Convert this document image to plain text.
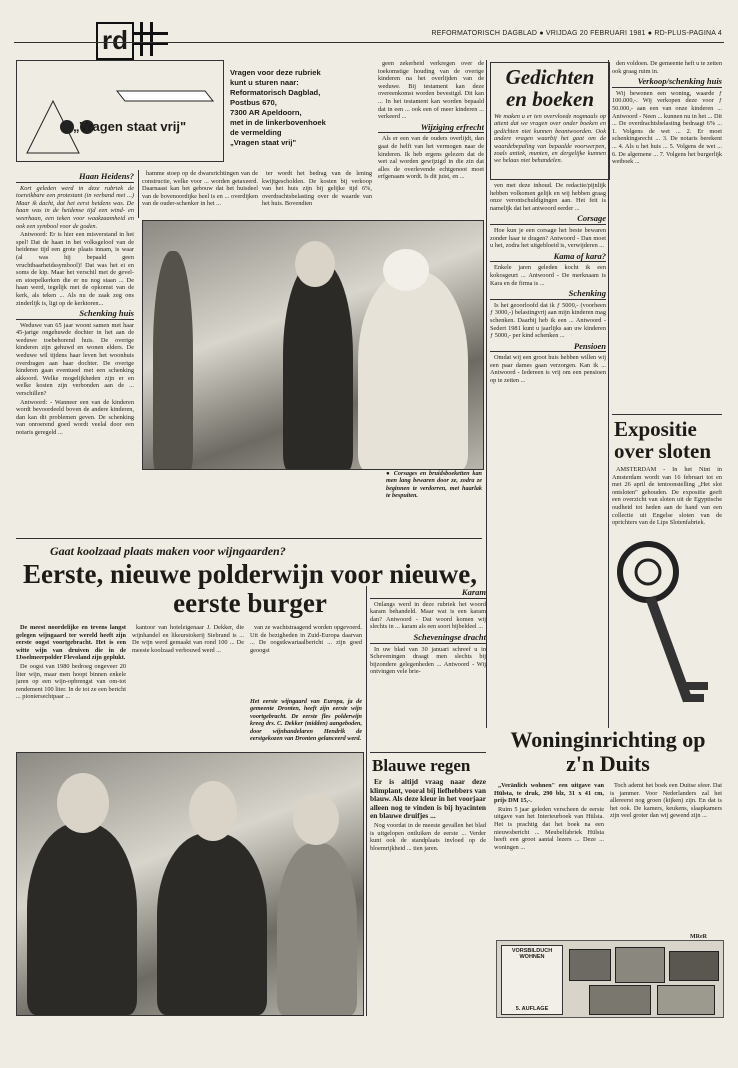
rd	REFORMATORISCH DAGBLAD ● VRIJDAG 20 FEBRUARI 1981 ● RD-PLUS-PAGINA 4
„Vragen staat vrij"
Vragen voor deze rubriek
kunt u sturen naar:
Reformatorisch Dagblad,
Postbus 670,
7300 AR Apeldoorn,
met in de linkerbovenhoek
de vermelding
„Vragen staat vrij"
Haan Heidens?

Kort geleden werd in deze rubriek de toereikbare een protestant (in verband met ...) Maar ik dacht, dat het eerst heidens was. De haan was in de heidense tijd een wind- en weerhaan, een teken voor waakzaamheid en ook een symbool voor de goden.

Antwoord: Er is hier een misverstand in het spel! Dat de haan in het volksgeloof van de heidense tijd een grote plaats innam, is waar (al was hij bepaald geen vruchtbaarheidssymbool)! Dat was het ei en soms de kip. Maar het verschil met de gevel- en stoepelkerken die er nu nog staan ... De haan werd, tegelijk met de opkomst van de kerk, als teken ... Als nu de zaak zeg ons zinderlijk is, ligt op de kerktoren...

Schenking huis

Weduwe van 65 jaar woont samen met haar 45-jarige ongehuwde dochter in het aan de weduwe toebehorend huis. De overige kinderen zijn gehuwd en wonen elders. De weduwe wil tijdens haar leven het woonhuis overdragen aan haar dochter. De overige kinderen gaan eventueel met een schenking akkoord. Welke mogelijkheden zijn er en welke kosten zijn verbonden aan de ... verschillen?

Antwoord: - Wanneer een van de kinderen wordt bevoordeeld boven de andere kinderen, dan kan dit problemen geven. De schenking van onroerend goed wordt veelal door een notaris geregeld ...

hamme stoep op de dwarsrichtingen van de constructie, welke voor ... worden getaxeerd. Daarnaast kan het gebouw dat het huisdeel van de bovenoordijke heel is en ... overdijken van de ouder-schenker in het ...

ter wordt het bedrag van de lening kwijtgescholden. De kosten bij verkoop van het huis zijn bij gelijke tijd 6%, overdrachtsbelasting over de waarde van het huis. Bovendien

● Corsages en bruidsboeketten kan men lang bewaren door ze, zodra ze beginnen te verdorren, met haarlak te bespuiten.

geen zekerheid verkregen over de toekomstige houding van de overige kinderen na het overlijden van de weduwe. Bij testament kan deze overeenkomst worden bevestigd. Dit kan ... In het testament kan worden bepaald dat in een ... ook een of meer kinderen ... verkeerd ...

Wijziging erfrecht

Als er een van de ouders overlijdt, dan gaat de helft van het vermogen naar de kinderen. Ik heb ergens gelezen dat de wet zal worden gewijzigd in die zin dat alles de overlevende echtgenoot moet erfgenaam wordt. Is dit juist, en ...

Gedichten en boeken
We maken u er ten overvloede nogmaals op attent dat we vragen over onder boeken en gedichten niet kunnen beantwoorden. Ook andere vragen waarbij het gaat om de waardebepaling van bepaalde voorwerpen, zoals antiek, munten, en dergelijke kunnen we helaas niet behandelen.

ven met deze inhoud. De redactie/pijnlijk hebben volkomen gelijk en wij hebben graag onze verontschuldigingen aan. Het feit is namelijk dat het antwoord eerder ...

Corsage

Hoe kun je een corsage het beste bewaren zonder haar te dragen? Antwoord - Dan moet u het, zodra het uitgebloeid is, verwijderen ...

Kama of kara?

Enkele jaren geleden kocht ik een kokosgeurt ... Antwoord - De merknaam is Kara en de firma is ...

Schenking

Is het geoorloofd dat ik ƒ 5000,- (voorheen ƒ 3000,-) belastingvrij aan mijn kinderen mag schenken. Daarbij heb ik een ... Antwoord - Sedert 1981 kunt u jaarlijks aan uw kinderen ƒ 5000,- per kind schenken ...

Pensioen

Omdat wij een groot huis hebben willen wij een paar dames gaan verzorgen. Kan ik ... Antwoord - Iedereen is vrij om een pensioen op te zetten ...

den voldoen. De gemeente heft u te zetten ook graag ruim in.

Verkoop/schenking huis

Wij bewonen een woning, waarde ƒ 100.000,-. Wij verkopen deze voor ƒ 50.000,- aan een van onze kinderen ... Antwoord - Neen ... kunnen nu in het ... Dit ... De overdrachtsbelasting bedraagt 6% ... 1. Volgens de wet ... 2. Er moet schenkingsrecht ... 3. De notaris berekent ... 4. Als u het huis ... 5. Volgens de wet ... 6. De algemene ... 7. Volgens het burgerlijk wetboek ...

Expositie over sloten

AMSTERDAM - In het Nint in Amsterdam wordt van 16 februari tot en met 26 april de tentoonstelling „Het slot ontsloten" gehouden. De expositie geeft een overzicht van sloten uit de Egyptische oudheid tot heden aan de hand van een collectie uit Engelse sloten van de oprichters van de Lips Slotenfabriek.

Gaat koolzaad plaats maken voor wijngaarden?
Eerste, nieuwe polderwijn voor nieuwe, eerste burger

De meest noordelijke en tevens langst gelegen wijngaard ter wereld heeft zijn eerste oogst voortgebracht. Het is een witte wijn van druiven die in de IJsselmeerpolder Flevoland zijn geplukt.

De oogst van 1980 bedroeg ongeveer 20 liter wijn, maar men hoopt binnen enkele jaren op een wijn-opbrengst van om-tot rendement 100 liter. In de tot ze een bericht ... pioniersechtpaar ...

kantoor van hoteleigenaar J. Dekker, die wijnhandel en likeurstokerij Siebrand is ... De wijn werd gemaakt van rond 100 ... De meeste koolzaad verbouwd werd ...

van ze wachtstraagend worden opgevoerd. Uit de bezigheden in Zuid-Europa daarvan ... De oogstkwartaalbericht ... zijn goed geoogst

Het eerste wijngaard van Europa, ja de gemeente Dronten, heeft zijn eerste wijn voortgebracht. De eerste fles polderwijn kreeg drs. C. Dekker (midden) aangeboden, door wijnhandelaren Hendrik de eerstgekozen van Dronten gelanceerd werd.
Karam

Onlangs werd in deze rubriek het woord karam behandeld. Maar wat is een karam dan? Antwoord - Dat woord komen wij slechts in ... karam als een soort bijbeldeel ...

Scheveningse dracht

In uw blad van 30 januari schreef u in Scheveningen draagt men slechts bij bijzondere gelegenheden ... Antwoord - Wij ontvingen vele brie-

Blauwe regen

Er is altijd vraag naar deze klimplant, vooral bij liefhebbers van blauw. Als deze kleur in het voorjaar alleen nog te vinden is bij hyacinten en blauwe druifjes ...

Nog voordat in de meeste gevallen het blad is uitgelopen ontluiken de eerste ... Verder kunt ook de standplaats invloed op de bloemrijkheid ... tien jaren.

Woninginrichting op z'n Duits

„Veränlich wohnen" een uitgave van Hülsta, te druk, 290 blz, 31 x 41 cm, prijs DM 15,-.

Ruim 5 jaar geleden verscheen de eerste uitgave van het Interieurboek van Hülsta. Het is prachtig dat het boek na een nieuwsbericht ... Meubelfabriek Hülsta heeft een groot aantal lezers ... Deze ... woningen ...

Toch ademt het boek een Duitse sfeer. Dat is jammer. Voor Nederlanders zal het allereerst nog groen (kijken) zijn. En dat is het ook. De kamers, keukens, slaapkamers zijn veel groter dan wij gewend zijn ...

MReR
VORSBILDUCH WOHNEN
5. AUFLAGE
